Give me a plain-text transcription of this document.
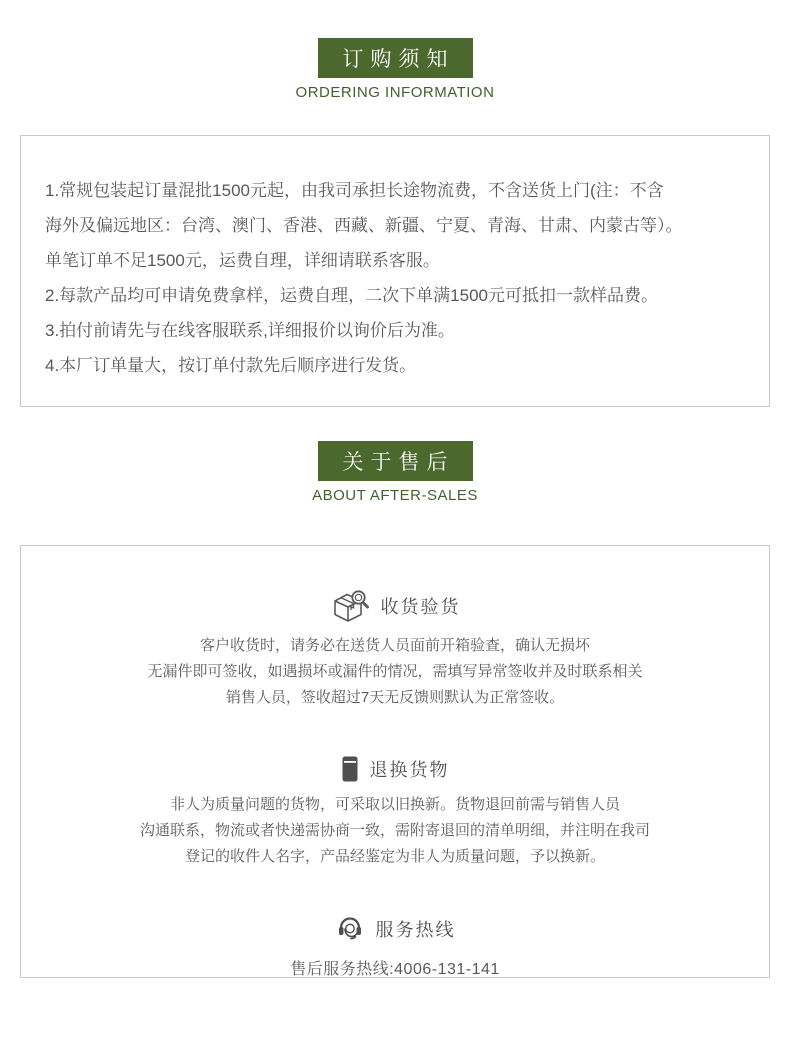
订购须知
ORDERING INFORMATION
1.常规包装起订量混批1500元起，由我司承担长途物流费，不含送货上门(注：不含
海外及偏远地区：台湾、澳门、香港、西藏、新疆、宁夏、青海、甘肃、内蒙古等）。
单笔订单不足1500元，运费自理，详细请联系客服。
2.每款产品均可申请免费拿样，运费自理，二次下单满1500元可抵扣一款样品费。
3.拍付前请先与在线客服联系,详细报价以询价后为准。
4.本厂订单量大，按订单付款先后顺序进行发货。
关于售后
ABOUT AFTER-SALES
收货验货
客户收货时，请务必在送货人员面前开箱验查，确认无损坏
无漏件即可签收，如遇损坏或漏件的情况，需填写异常签收并及时联系相关
销售人员，签收超过7天无反馈则默认为正常签收。
退换货物
非人为质量问题的货物，可采取以旧换新。货物退回前需与销售人员
沟通联系，物流或者快递需协商一致，需附寄退回的清单明细，并注明在我司
登记的收件人名字，产品经鉴定为非人为质量问题，予以换新。
服务热线
售后服务热线:4006-131-141
